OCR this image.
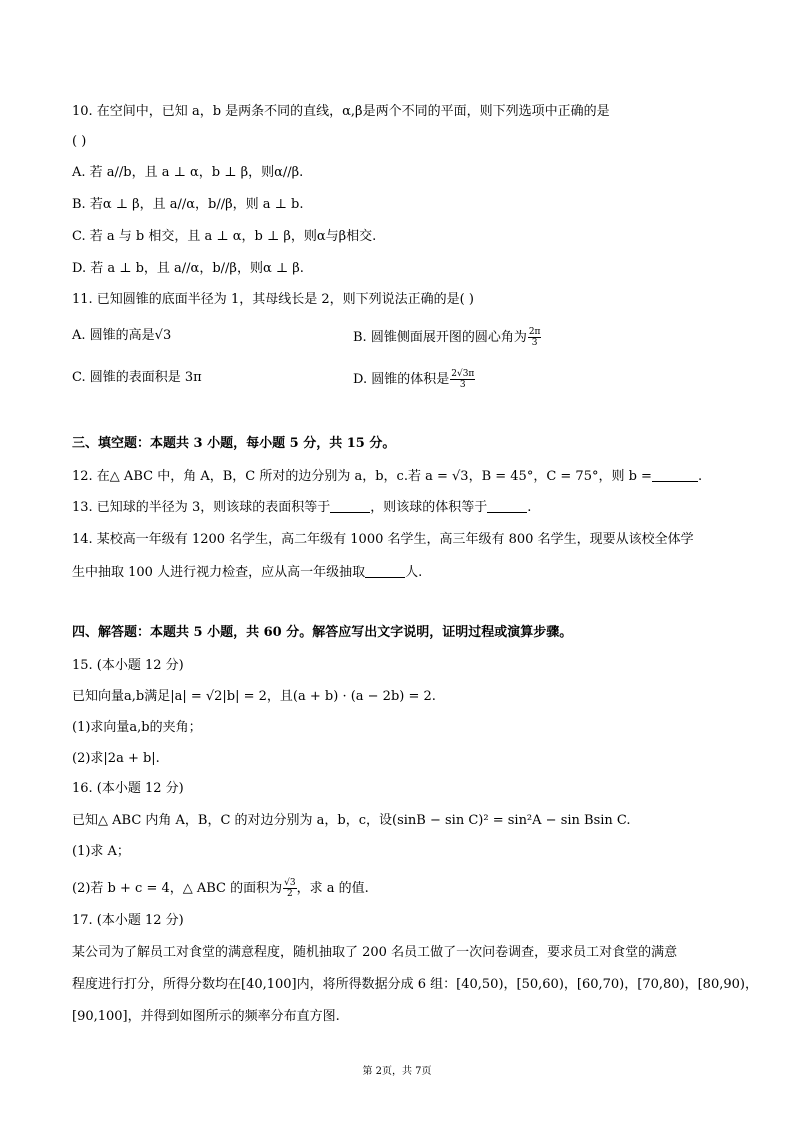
10. 在空间中，已知 a，b 是两条不同的直线，α,β是两个不同的平面，则下列选项中正确的是
( )
A. 若 a//b，且 a ⊥ α，b ⊥ β，则α//β.
B. 若α ⊥ β，且 a//α，b//β，则 a ⊥ b.
C. 若 a 与 b 相交，且 a ⊥ α，b ⊥ β，则α与β相交.
D. 若 a ⊥ b，且 a//α，b//β，则α ⊥ β.
11. 已知圆锥的底面半径为 1，其母线长是 2，则下列说法正确的是( )
A. 圆锥的高是√3	B. 圆锥侧面展开图的圆心角为 $\frac{2\pi}{3}$
C. 圆锥的表面积是 3π	D. 圆锥的体积是 $\frac{2√3\pi}{3}$
三、填空题：本题共 3 小题，每小题 5 分，共 15 分。
12. 在△ ABC 中，角 A，B，C 所对的边分别为 a，b，c.若 a = √3，B = 45°，C = 75°，则 b =	.
13. 已知球的半径为 3，则该球的表面积等于	，则该球的体积等于	.
14. 某校高一年级有 1200 名学生，高二年级有 1000 名学生，高三年级有 800 名学生，现要从该校全体学
生中抽取 100 人进行视力检查，应从高一年级抽取	人.
四、解答题：本题共 5 小题，共 60 分。解答应写出文字说明，证明过程或演算步骤。
15. (本小题 12 分)
已知向量a,b满足|a| = √2|b| = 2，且(a + b) · (a − 2b) = 2.
(1)求向量a,b的夹角；
(2)求|2a + b|.
16. (本小题 12 分)
已知△ ABC 内角 A，B，C 的对边分别为 a，b，c，设(sinB − sin C)² = sin²A − sin Bsin C.
(1)求 A；
(2)若 b + c = 4，△ ABC 的面积为 $\frac{√3}{2}$ ，求 a 的值.
17. (本小题 12 分)
某公司为了解员工对食堂的满意程度，随机抽取了 200 名员工做了一次问卷调查，要求员工对食堂的满意
程度进行打分，所得分数均在[40,100]内，将所得数据分成 6 组：[40,50)，[50,60)，[60,70)，[70,80)，[80,90)，
[90,100]，并得到如图所示的频率分布直方图.
第 2页，共 7页
